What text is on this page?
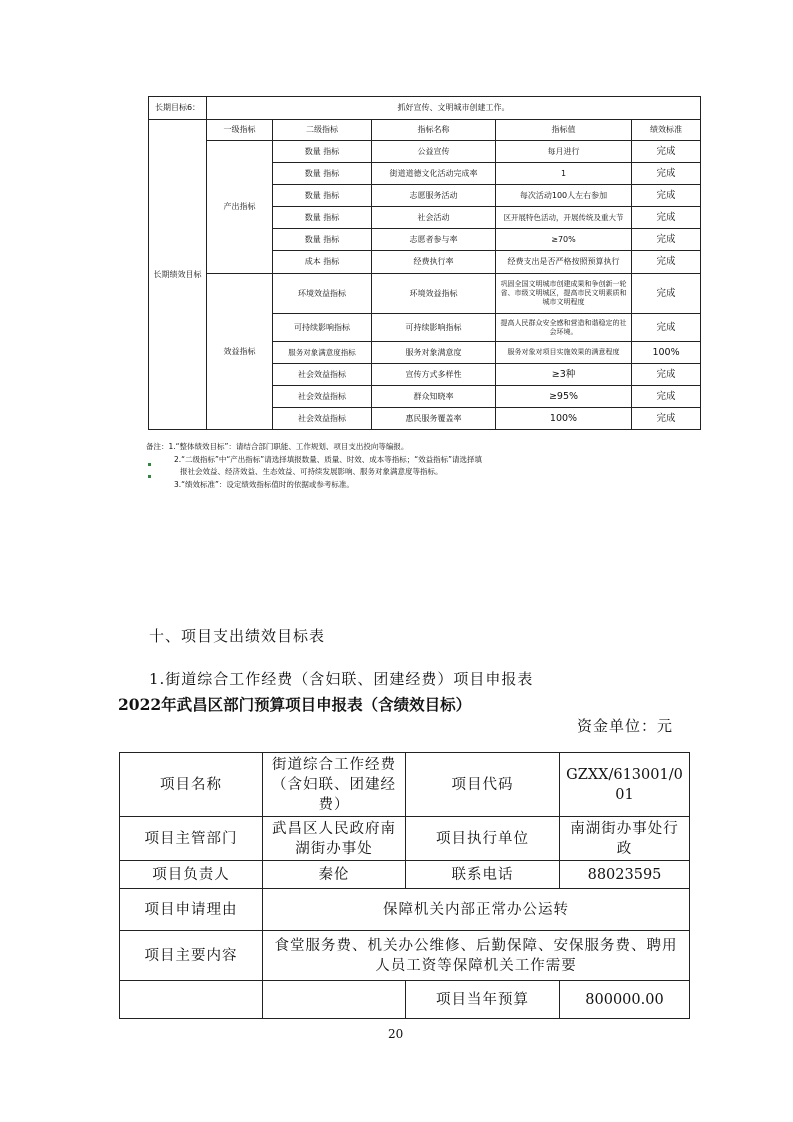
长期目标6：	抓好宣传、文明城市创建工作。				
长期绩效目标	一级指标	二级指标	指标名称	指标值	绩效标准
	产出指标	数量 指标	公益宣传	每月进行	完成
		数量 指标	街道道德文化活动完成率	1	完成
		数量 指标	志愿服务活动	每次活动100人左右参加	完成
		数量 指标	社会活动	区开展特色活动，开展传统及重大节	完成
		数量 指标	志愿者参与率	≥70%	完成
		成本 指标	经费执行率	经费支出是否严格按照预算执行	完成
	效益指标	环境效益指标	环境效益指标	巩固全国文明城市创建成果和争创新一轮省、市级文明城区，提高市民文明素质和城市文明程度	完成
		可持续影响指标	可持续影响指标	提高人民群众安全感和营造和谐稳定的社会环境。	完成
		服务对象满意度指标	服务对象满意度	服务对象对项目实施效果的满意程度	100%
		社会效益指标	宣传方式多样性	≥3种	完成
		社会效益指标	群众知晓率	≥95%	完成
		社会效益指标	惠民服务覆盖率	100%	完成
备注：1.“整体绩效目标”：请结合部门职能、工作规划、项目支出投向等编报。
2.“二级指标”中“产出指标”请选择填报数量、质量、时效、成本等指标；“效益指标”请选择填
报社会效益、经济效益、生态效益、可持续发展影响、服务对象满意度等指标。
3.“绩效标准”：设定绩效指标值时的依据或参考标准。
十、项目支出绩效目标表
1.街道综合工作经费（含妇联、团建经费）项目申报表
2022年武昌区部门预算项目申报表（含绩效目标）
资金单位：元
项目名称	街道综合工作经费（含妇联、团建经费）	项目代码	GZXX/613001/001
项目主管部门	武昌区人民政府南湖街办事处	项目执行单位	南湖街办事处行政
项目负责人	秦伦	联系电话	88023595
项目申请理由	保障机关内部正常办公运转		
项目主要内容	食堂服务费、机关办公维修、后勤保障、安保服务费、聘用人员工资等保障机关工作需要		
		项目当年预算	800000.00
20
